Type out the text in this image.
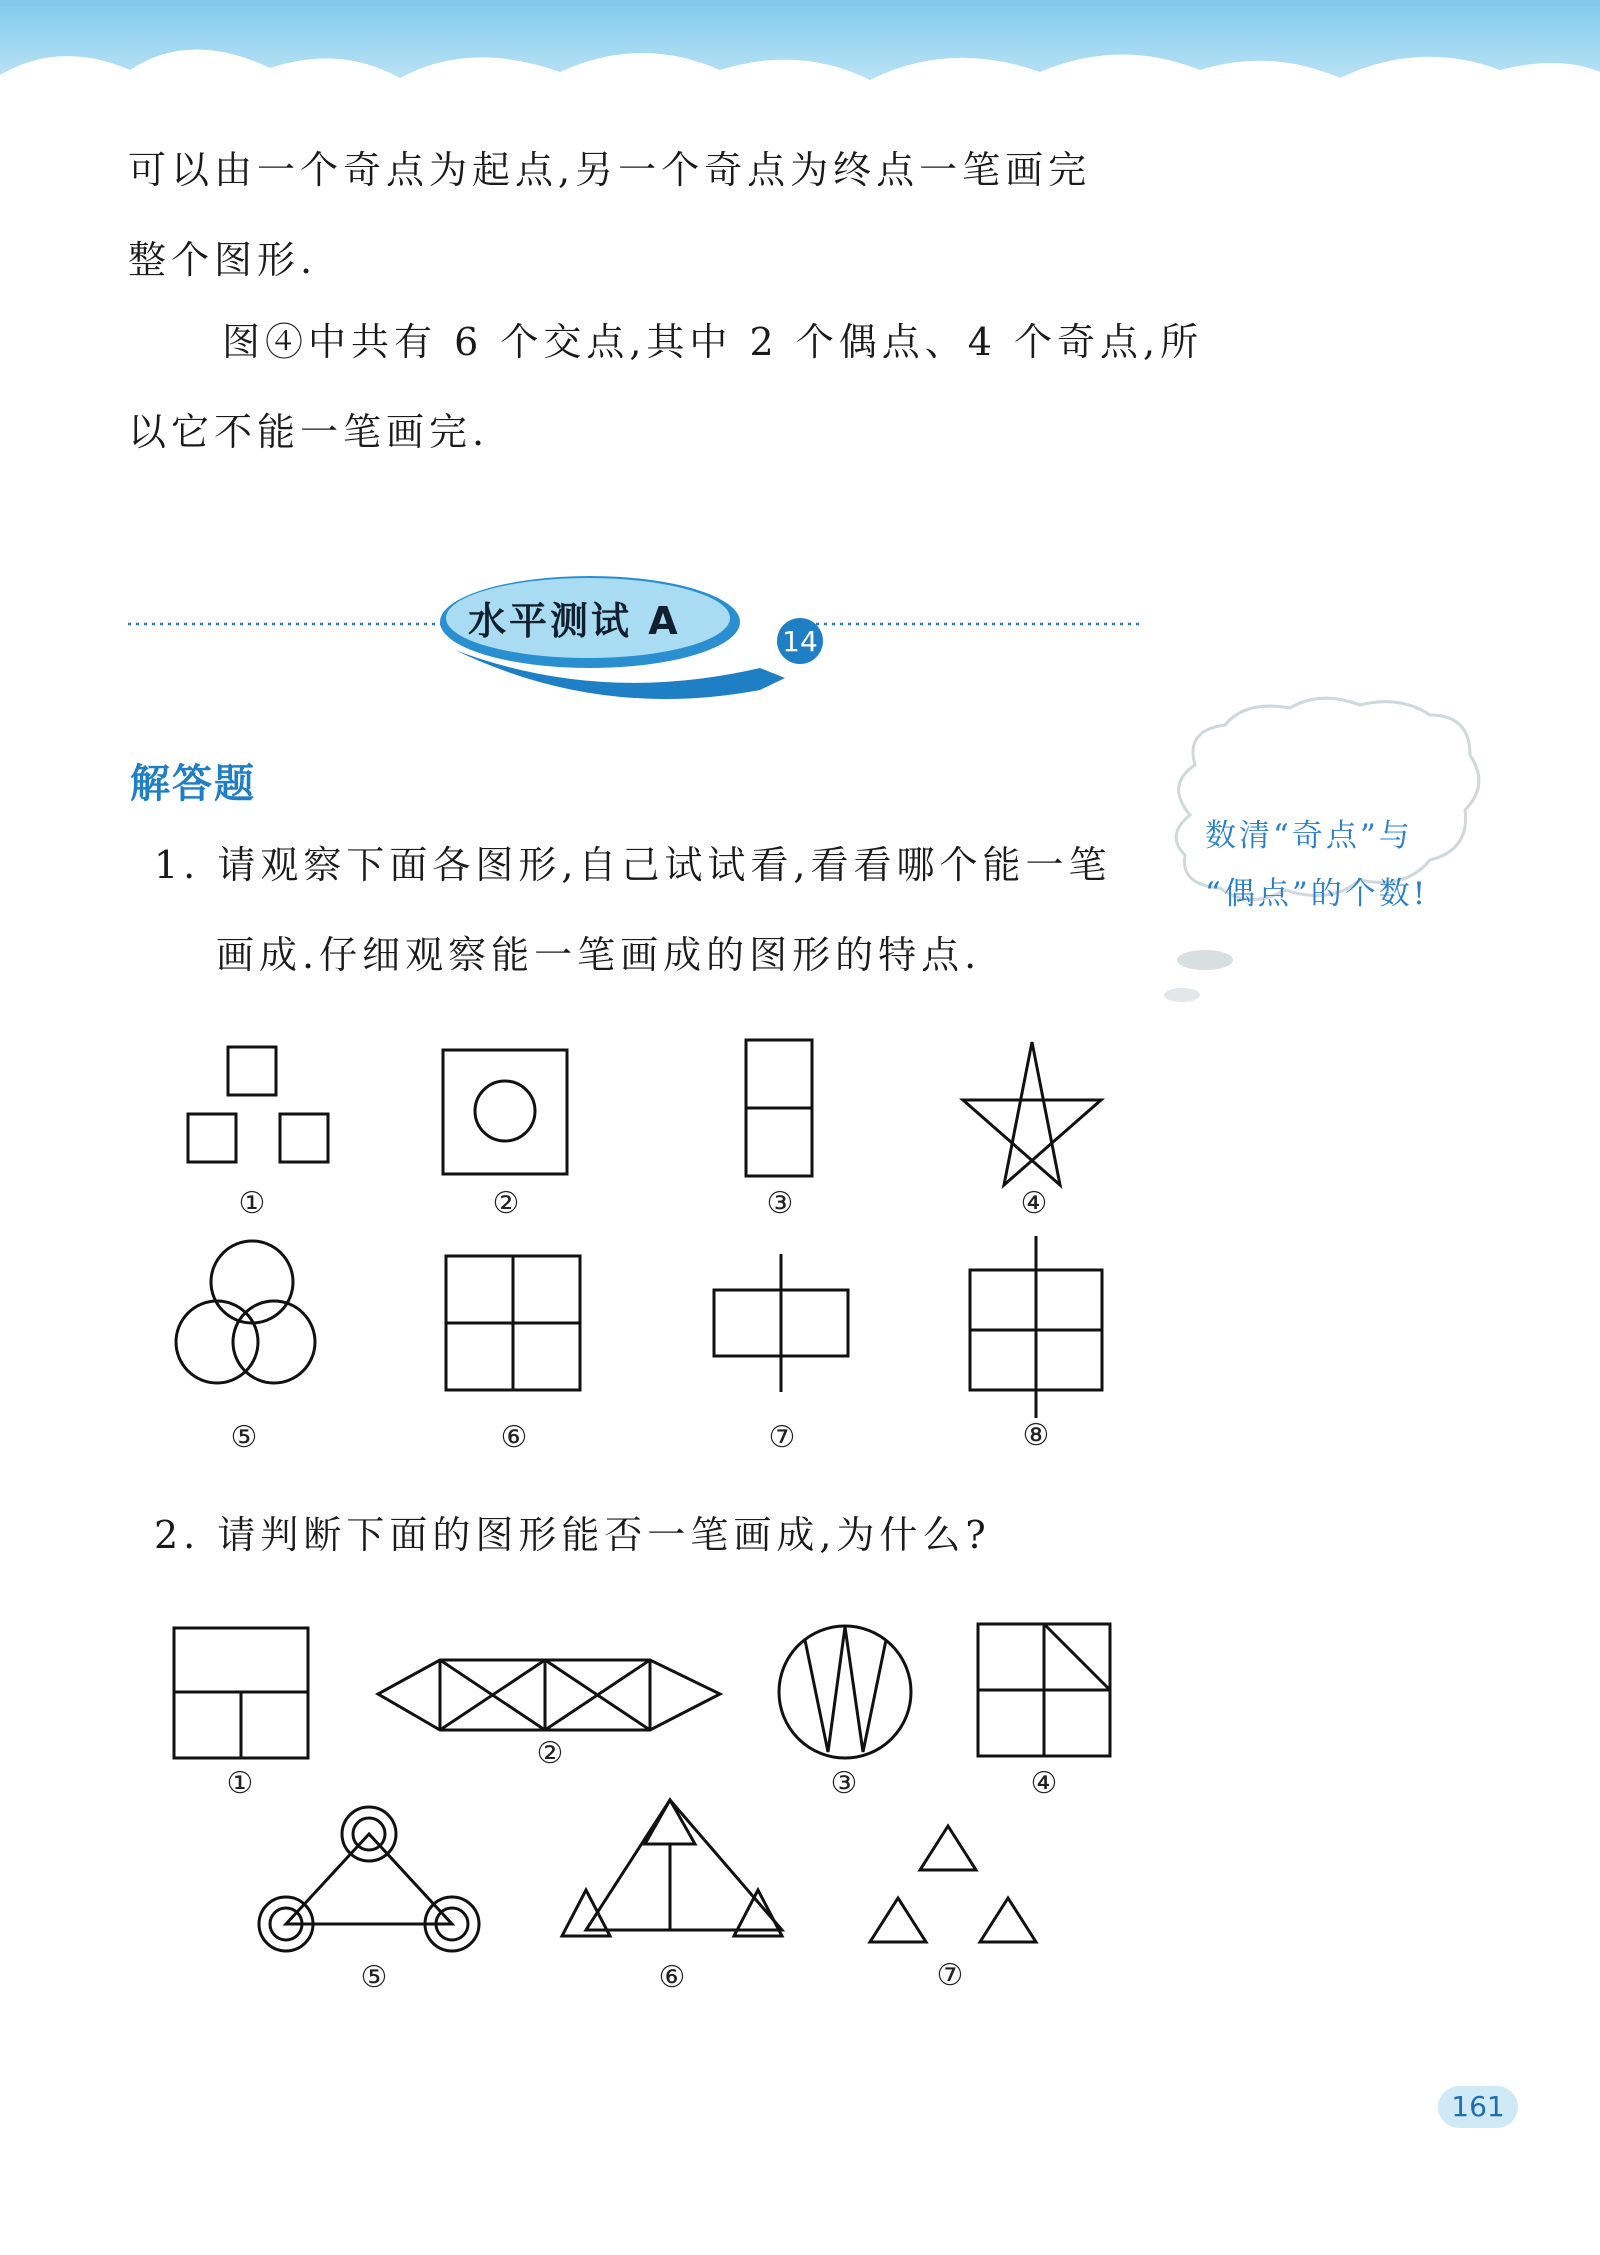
可以由一个奇点为起点,另一个奇点为终点一笔画完
整个图形.
图④中共有 6 个交点,其中 2 个偶点、4 个奇点,所
以它不能一笔画完.
水平测试 A	14
解答题
数清“奇点”与
“偶点”的个数!
1. 请观察下面各图形,自己试试看,看看哪个能一笔
画成.仔细观察能一笔画成的图形的特点.
①	②	③	④
⑤	⑥	⑦	⑧
2. 请判断下面的图形能否一笔画成,为什么?
①
②
③	④
⑤	⑥	⑦
161
